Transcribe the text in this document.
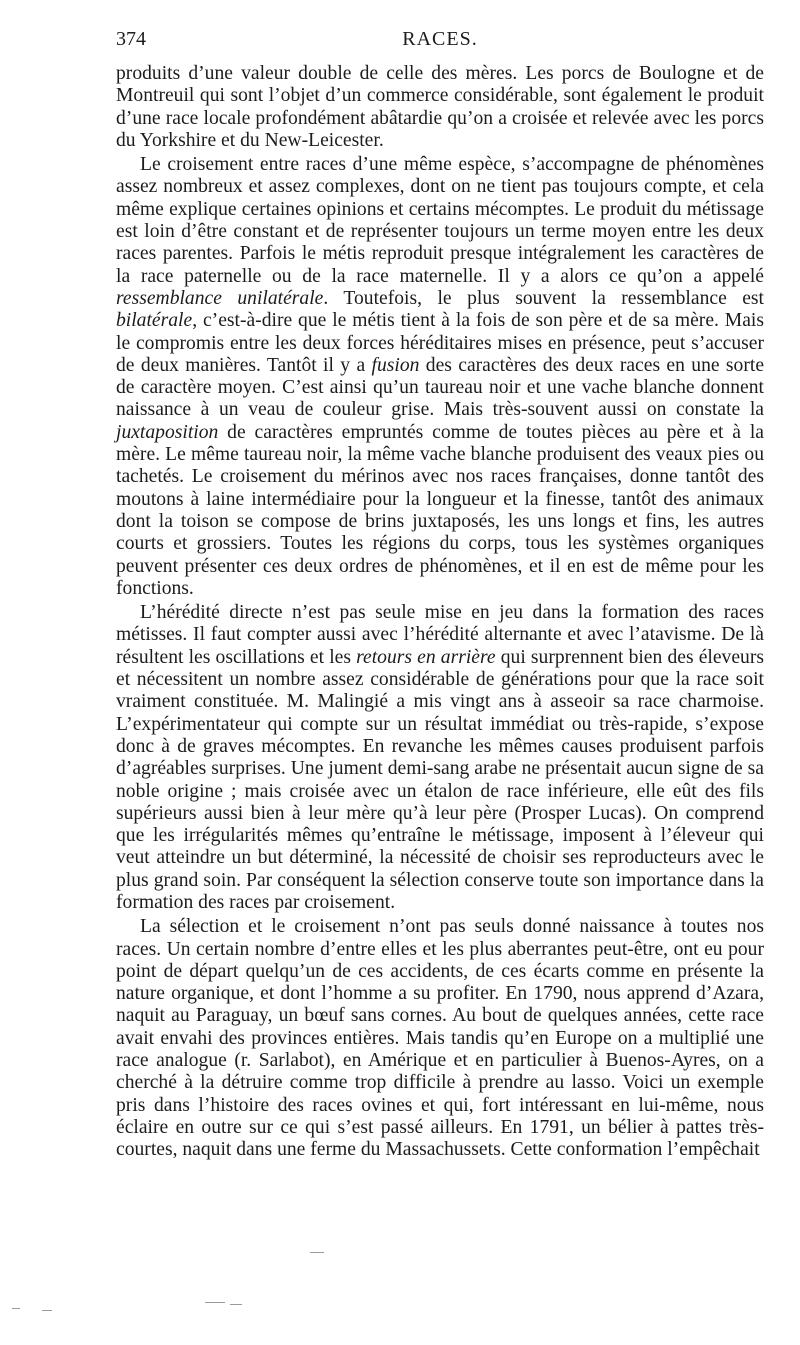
374	RACES.

produits d’une valeur double de celle des mères. Les porcs de Boulogne et de Montreuil qui sont l’objet d’un commerce considérable, sont également le produit d’une race locale profondément abâtardie qu’on a croisée et relevée avec les porcs du Yorkshire et du New-Leicester.

Le croisement entre races d’une même espèce, s’accompagne de phénomènes assez nombreux et assez complexes, dont on ne tient pas toujours compte, et cela même explique certaines opinions et certains mécomptes. Le produit du métissage est loin d’être constant et de représenter toujours un terme moyen entre les deux races parentes. Parfois le métis reproduit presque intégralement les caractères de la race paternelle ou de la race maternelle. Il y a alors ce qu’on a appelé ressemblance unilatérale. Toutefois, le plus souvent la ressemblance est bilatérale, c’est-à-dire que le métis tient à la fois de son père et de sa mère. Mais le compromis entre les deux forces héréditaires mises en présence, peut s’accuser de deux manières. Tantôt il y a fusion des caractères des deux races en une sorte de caractère moyen. C’est ainsi qu’un taureau noir et une vache blanche donnent naissance à un veau de couleur grise. Mais très-souvent aussi on constate la juxtaposition de caractères empruntés comme de toutes pièces au père et à la mère. Le même taureau noir, la même vache blanche produisent des veaux pies ou tachetés. Le croisement du mérinos avec nos races françaises, donne tantôt des moutons à laine intermédiaire pour la longueur et la finesse, tantôt des animaux dont la toison se compose de brins juxtaposés, les uns longs et fins, les autres courts et grossiers. Toutes les régions du corps, tous les systèmes organiques peuvent présenter ces deux ordres de phénomènes, et il en est de même pour les fonctions.

L’hérédité directe n’est pas seule mise en jeu dans la formation des races métisses. Il faut compter aussi avec l’hérédité alternante et avec l’atavisme. De là résultent les oscillations et les retours en arrière qui surprennent bien des éleveurs et nécessitent un nombre assez considérable de générations pour que la race soit vraiment constituée. M. Malingié a mis vingt ans à asseoir sa race charmoise. L’expérimentateur qui compte sur un résultat immédiat ou très-rapide, s’expose donc à de graves mécomptes. En revanche les mêmes causes produisent parfois d’agréables surprises. Une jument demi-sang arabe ne présentait aucun signe de sa noble origine ; mais croisée avec un étalon de race inférieure, elle eût des fils supérieurs aussi bien à leur mère qu’à leur père (Prosper Lucas). On comprend que les irrégularités mêmes qu’entraîne le métissage, imposent à l’éleveur qui veut atteindre un but déterminé, la nécessité de choisir ses reproducteurs avec le plus grand soin. Par conséquent la sélection conserve toute son importance dans la formation des races par croisement.

La sélection et le croisement n’ont pas seuls donné naissance à toutes nos races. Un certain nombre d’entre elles et les plus aberrantes peut-être, ont eu pour point de départ quelqu’un de ces accidents, de ces écarts comme en présente la nature organique, et dont l’homme a su profiter. En 1790, nous apprend d’Azara, naquit au Paraguay, un bœuf sans cornes. Au bout de quelques années, cette race avait envahi des provinces entières. Mais tandis qu’en Europe on a multiplié une race analogue (r. Sarlabot), en Amérique et en particulier à Buenos-Ayres, on a cherché à la détruire comme trop difficile à prendre au lasso. Voici un exemple pris dans l’histoire des races ovines et qui, fort intéressant en lui-même, nous éclaire en outre sur ce qui s’est passé ailleurs. En 1791, un bélier à pattes très-courtes, naquit dans une ferme du Massachussets. Cette conformation l’empêchait
